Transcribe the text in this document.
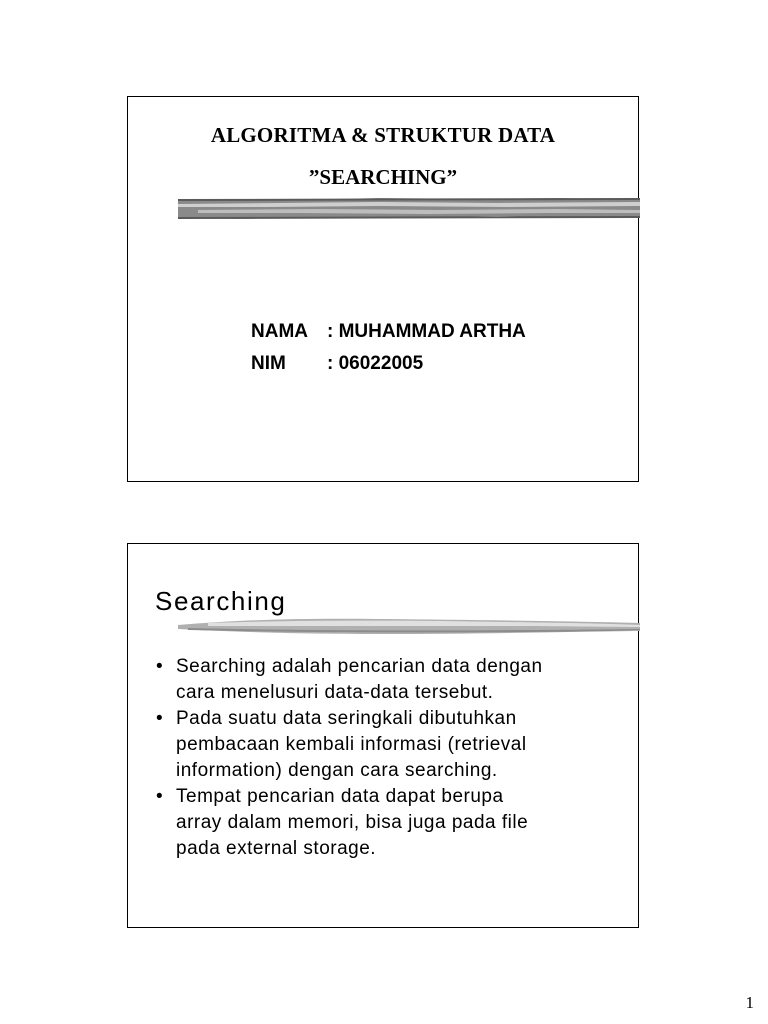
ALGORITMA & STRUKTUR DATA
”SEARCHING”
NAMA : MUHAMMAD ARTHA
NIM : 06022005
Searching
• Searching adalah pencarian data dengan
cara menelusuri data-data tersebut.
• Pada suatu data seringkali dibutuhkan
pembacaan kembali informasi (retrieval
information) dengan cara searching.
• Tempat pencarian data dapat berupa
array dalam memori, bisa juga pada file
pada external storage.
1
